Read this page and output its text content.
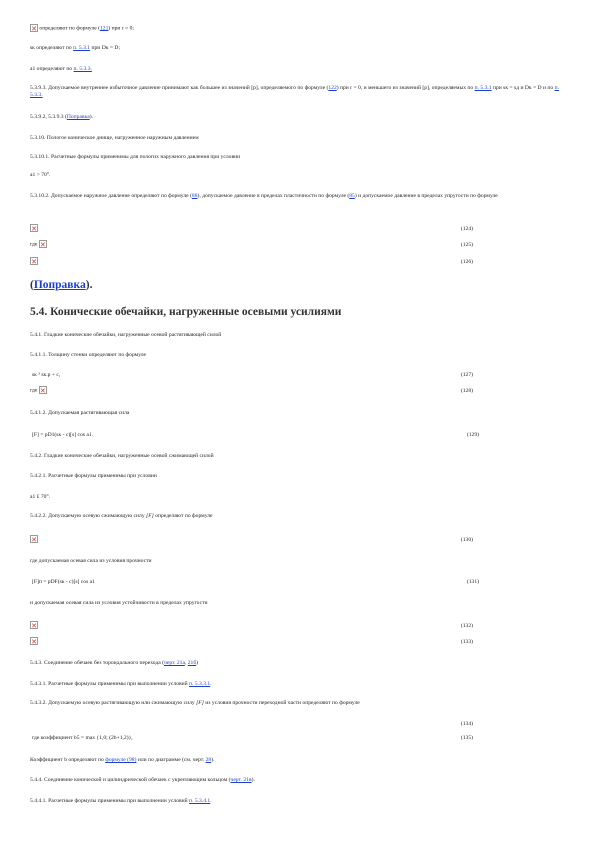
✕ определяют по формуле (121) при r = 0;
sк определяют по п. 5.3.1 при Dк = D;
a1 определяют по п. 5.3.3.
5.3.9.3. Допускаемое внутреннее избыточное давление принимают как большее из значений [p], определяемого по формуле (122) при r = 0, и меньшего из значений [p], определяемых по п. 5.3.1 при sк = sд и Dк = D и по п. 5.3.3.
5.3.9.2, 5.3.9.3 (Поправка).
5.3.10. Пологое коническое днище, нагруженное наружным давлением
5.3.10.1. Расчетные формулы применимы для пологих наружного давления при условии
a1 > 70°.
5.3.10.2. Допускаемое наружное давление определяют по формуле (88), допускаемое давление в пределах пластичности по формуле (85) и допускаемое давление в пределах упругости по формуле
✕	(124)
где ✕	(125)
✕	(126)
(Поправка).
5.4. Конические обечайки, нагруженные осевыми усилиями
5.4.1. Гладкие конические обечайки, нагруженные осевой растягивающей силой
5.4.1.1. Толщину стенки определяют по формуле
sк ³ sк.p + c,	(127)
где ✕	(128)
5.4.1.2. Допускаемая растягивающая сила
[F] = pD1(sк - c)[s] cos a1.	(129)
5.4.2. Гладкие конические обечайки, нагруженные осевой сжимающей силой
5.4.2.1. Расчетные формулы применимы при условии
a1 £ 70°.
5.4.2.2. Допускаемую осевую сжимающую силу [F] определяют по формуле
✕	(130)
где допускаемая осевая сила из условия прочности
[F]п = pDF(sк - c)[s] cos a1	(131)
и допускаемая осевая сила из условия устойчивости в пределах упругости
✕	(132)
✕	(133)
5.4.3. Соединение обечаек без тороидального перехода (черт. 21а, 21б)
5.4.3.1. Расчетные формулы применимы при выполнении условий п. 5.3.3.1.
5.4.3.2. Допускаемую осевую растягивающую или сжимающую силу [F] из условия прочности переходной части определяют по формуле
(134)
где коэффициент b5 = max {1,0; (2b+1,2)},	(135)
Коэффициент b определяют по формуле (98) или по диаграмме (см. черт. 28).
5.4.4. Соединение конической и цилиндрической обечаек с укрепляющим кольцом (черт. 21в).
5.4.4.1. Расчетные формулы применимы при выполнении условий п. 5.3.4.1.
